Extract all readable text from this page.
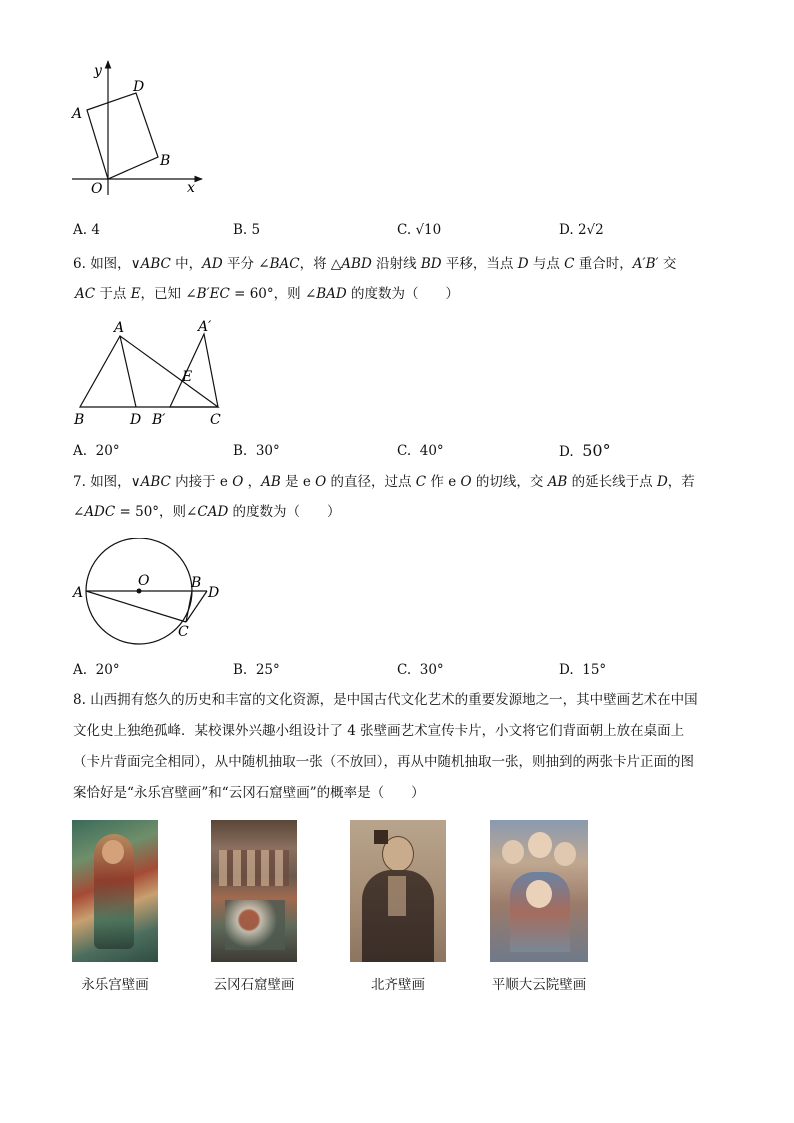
y
x
O
A
D
B
A. 4	B. 5	C. √10	D. 2√2
6. 如图，∨ABC 中，AD 平分 ∠BAC，将 △ABD 沿射线 BD 平移，当点 D 与点 C 重合时，A′B′ 交
AC 于点 E，已知 ∠B′EC = 60°，则 ∠BAD 的度数为（　　）
A	A′
E
B	D B′	C
A. 20°	B. 30°	C. 40°	D. 50°
7. 如图，∨ABC 内接于 e O ，AB 是 e O 的直径，过点 C 作 e O 的切线，交 AB 的延长线于点 D，若
∠ADC = 50°，则∠CAD 的度数为（　　）
O
A
B
D
C
A. 20°	B. 25°	C. 30°	D. 15°
8. 山西拥有悠久的历史和丰富的文化资源，是中国古代文化艺术的重要发源地之一，其中壁画艺术在中国
文化史上独绝孤峰．某校课外兴趣小组设计了 4 张壁画艺术宣传卡片，小文将它们背面朝上放在桌面上
（卡片背面完全相同），从中随机抽取一张（不放回），再从中随机抽取一张，则抽到的两张卡片正面的图
案恰好是“永乐宫壁画”和“云冈石窟壁画”的概率是（　　）
永乐宫壁画	云冈石窟壁画	北齐壁画	平顺大云院壁画
